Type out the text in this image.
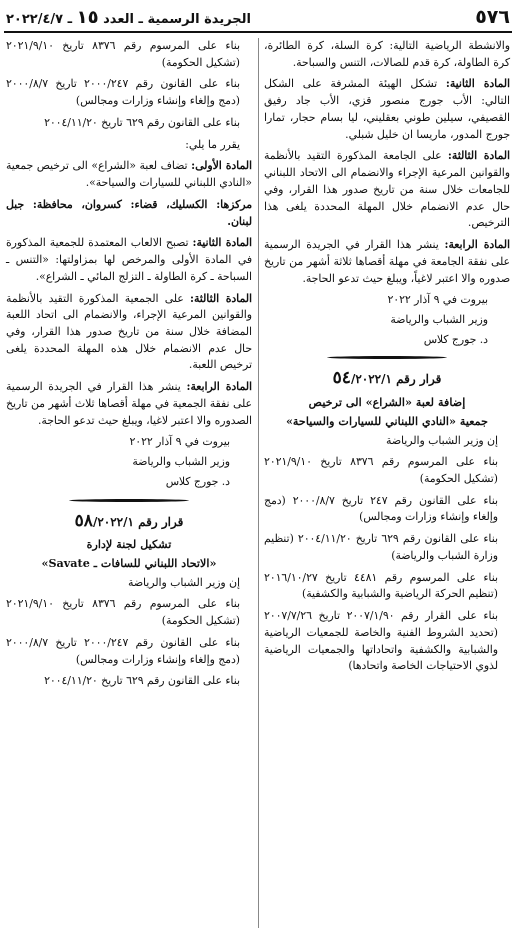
٥٧٦
الجريدة الرسمية ـ العدد ١٥ ـ ٢٠٢٢/٤/٧

والانشطة الرياضية التالية: كرة السلة، كرة الطائرة، كرة الطاولة، كرة قدم للصالات، التنس والسباحة.

المادة الثانية: تشكل الهيئة المشرفة على الشكل التالي: الأب جورج منصور قزي، الأب جاد رفيق القصيفي، سيلين طوني بعقليني، ليا بسام حجار، تمارا جورج المدور، ماريسا ان خليل شبلي.

المادة الثالثة: على الجامعة المذكورة التقيد بالأنظمة والقوانين المرعية الإجراء والانضمام الى الاتحاد اللبناني للجامعات خلال سنة من تاريخ صدور هذا القرار، وفي حال عدم الانضمام خلال المهلة المحددة يلغى هذا الترخيص.

المادة الرابعة: ينشر هذا القرار في الجريدة الرسمية على نفقة الجامعة في مهلة أقصاها ثلاثة أشهر من تاريخ صدوره والا اعتبر لاغياً، ويبلغ حيث تدعو الحاجة.

بيروت في ٩ آذار ٢٠٢٢

وزير الشباب والرياضة

د. جورج كلاس

قرار رقم ٥٤/٢٠٢٢/١

إضافة لعبة «الشراع» الى ترخيص

جمعية «النادي اللبناني للسيارات والسياحة»

إن وزير الشباب والرياضة

بناء على المرسوم رقم ٨٣٧٦ تاريخ ٢٠٢١/٩/١٠ (تشكيل الحكومة)

بناء على القانون رقم ٢٤٧ تاريخ ٢٠٠٠/٨/٧ (دمج وإلغاء وإنشاء وزارات ومجالس)

بناء على القانون رقم ٦٢٩ تاريخ ٢٠٠٤/١١/٢٠ (تنظيم وزارة الشباب والرياضة)

بناء على المرسوم رقم ٤٤٨١ تاريخ ٢٠١٦/١٠/٢٧ (تنظيم الحركة الرياضية والشبابية والكشفية)

بناء على القرار رقم ٢٠٠٧/١/٩٠ تاريخ ٢٠٠٧/٧/٢٦ (تحديد الشروط الفنية والخاصة للجمعيات الرياضية والشبابية والكشفية واتحاداتها والجمعيات الرياضية لذوي الاحتياجات الخاصة واتحادها)

بناء على المرسوم رقم ٨٣٧٦ تاريخ ٢٠٢١/٩/١٠ (تشكيل الحكومة)

بناء على القانون رقم ٢٠٠٠/٢٤٧ تاريخ ٢٠٠٠/٨/٧ (دمج وإلغاء وإنشاء وزارات ومجالس)

بناء على القانون رقم ٦٢٩ تاريخ ٢٠٠٤/١١/٢٠

يقرر ما يلي:

المادة الأولى: تضاف لعبة «الشراع» الى ترخيص جمعية «النادي اللبناني للسيارات والسياحة».

مركزها: الكسليك، قضاء: كسروان، محافظة: جبل لبنان.

المادة الثانية: تصبح الالعاب المعتمدة للجمعية المذكورة في المادة الأولى والمرخص لها بمزاولتها: «التنس ـ السباحة ـ كرة الطاولة ـ التزلج المائي ـ الشراع».

المادة الثالثة: على الجمعية المذكورة التقيد بالأنظمة والقوانين المرعية الإجراء، والانضمام الى اتحاد اللعبة المضافة خلال سنة من تاريخ صدور هذا القرار، وفي حال عدم الانضمام خلال هذه المهلة المحددة يلغى ترخيص اللعبة.

المادة الرابعة: ينشر هذا القرار في الجريدة الرسمية على نفقة الجمعية في مهلة أقصاها ثلاث أشهر من تاريخ الصدوره والا اعتبر لاغيا، ويبلغ حيث تدعو الحاجة.

بيروت في ٩ آذار ٢٠٢٢

وزير الشباب والرياضة

د. جورج كلاس

قرار رقم ٥٨/٢٠٢٢/١

تشكيل لجنة لإدارة

«الاتحاد اللبناني للسافات ـ Savate»

إن وزير الشباب والرياضة

بناء على المرسوم رقم ٨٣٧٦ تاريخ ٢٠٢١/٩/١٠ (تشكيل الحكومة)

بناء على القانون رقم ٢٠٠٠/٢٤٧ تاريخ ٢٠٠٠/٨/٧ (دمج وإلغاء وإنشاء وزارات ومجالس)

بناء على القانون رقم ٦٢٩ تاريخ ٢٠٠٤/١١/٢٠
